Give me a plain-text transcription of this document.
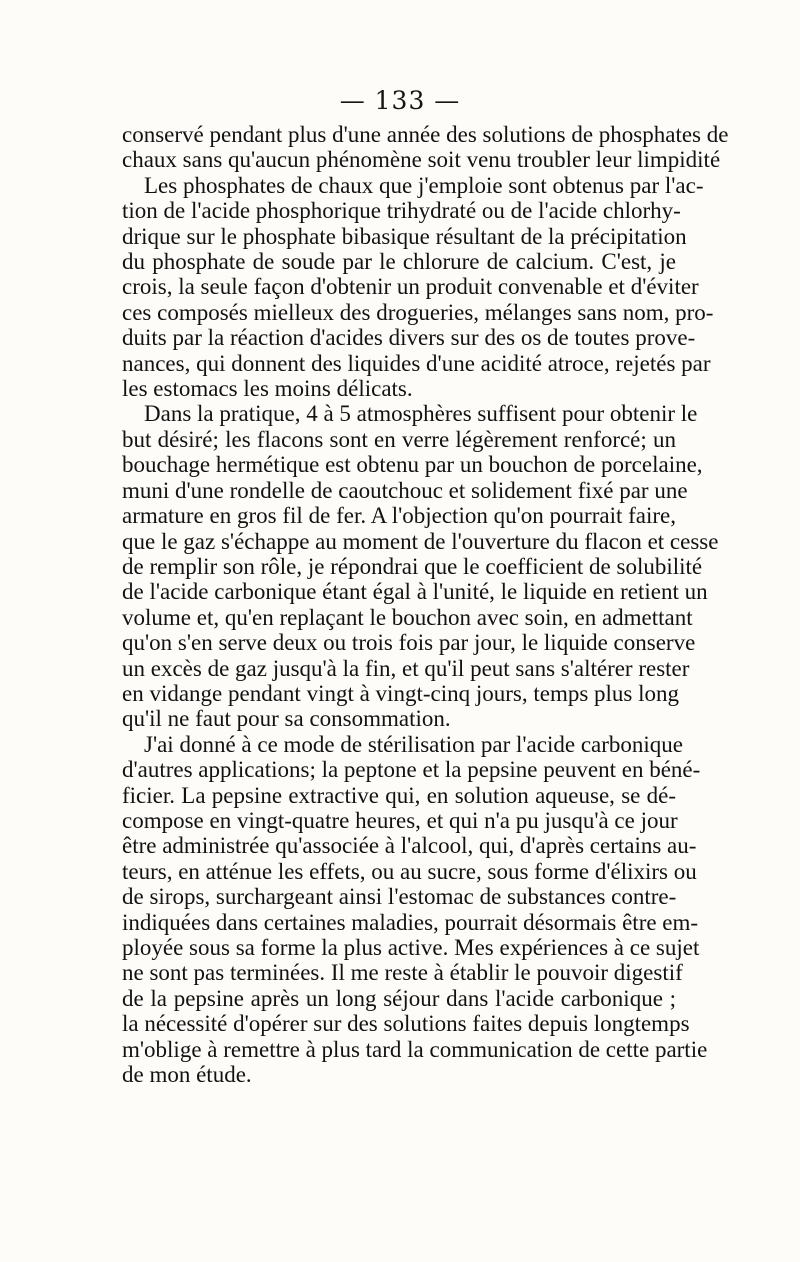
— 133 —
conservé pendant plus d'une année des solutions de phosphates de
chaux sans qu'aucun phénomène soit venu troubler leur limpidité
Les phosphates de chaux que j'emploie sont obtenus par l'ac-
tion de l'acide phosphorique trihydraté ou de l'acide chlorhy-
drique sur le phosphate bibasique résultant de la précipitation
du phosphate de soude par le chlorure de calcium. C'est, je
crois, la seule façon d'obtenir un produit convenable et d'éviter
ces composés mielleux des drogueries, mélanges sans nom, pro-
duits par la réaction d'acides divers sur des os de toutes prove-
nances, qui donnent des liquides d'une acidité atroce, rejetés par
les estomacs les moins délicats.
Dans la pratique, 4 à 5 atmosphères suffisent pour obtenir le
but désiré; les flacons sont en verre légèrement renforcé; un
bouchage hermétique est obtenu par un bouchon de porcelaine,
muni d'une rondelle de caoutchouc et solidement fixé par une
armature en gros fil de fer. A l'objection qu'on pourrait faire,
que le gaz s'échappe au moment de l'ouverture du flacon et cesse
de remplir son rôle, je répondrai que le coefficient de solubilité
de l'acide carbonique étant égal à l'unité, le liquide en retient un
volume et, qu'en replaçant le bouchon avec soin, en admettant
qu'on s'en serve deux ou trois fois par jour, le liquide conserve
un excès de gaz jusqu'à la fin, et qu'il peut sans s'altérer rester
en vidange pendant vingt à vingt-cinq jours, temps plus long
qu'il ne faut pour sa consommation.
J'ai donné à ce mode de stérilisation par l'acide carbonique
d'autres applications; la peptone et la pepsine peuvent en béné-
ficier. La pepsine extractive qui, en solution aqueuse, se dé-
compose en vingt-quatre heures, et qui n'a pu jusqu'à ce jour
être administrée qu'associée à l'alcool, qui, d'après certains au-
teurs, en atténue les effets, ou au sucre, sous forme d'élixirs ou
de sirops, surchargeant ainsi l'estomac de substances contre-
indiquées dans certaines maladies, pourrait désormais être em-
ployée sous sa forme la plus active. Mes expériences à ce sujet
ne sont pas terminées. Il me reste à établir le pouvoir digestif
de la pepsine après un long séjour dans l'acide carbonique ;
la nécessité d'opérer sur des solutions faites depuis longtemps
m'oblige à remettre à plus tard la communication de cette partie
de mon étude.
